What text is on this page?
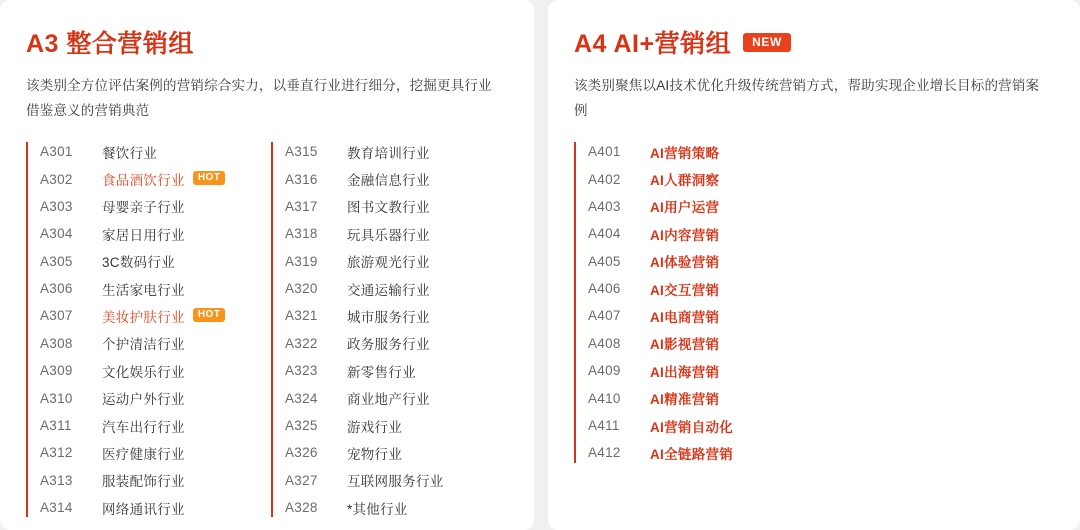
A3 整合营销组
该类别全方位评估案例的营销综合实力，以垂直行业进行细分，挖掘更具行业借鉴意义的营销典范
A301	餐饮行业
A302	食品酒饮行业	HOT
A303	母婴亲子行业
A304	家居日用行业
A305	3C数码行业
A306	生活家电行业
A307	美妆护肤行业	HOT
A308	个护清洁行业
A309	文化娱乐行业
A310	运动户外行业
A311	汽车出行行业
A312	医疗健康行业
A313	服装配饰行业
A314	网络通讯行业
A315	教育培训行业
A316	金融信息行业
A317	图书文教行业
A318	玩具乐器行业
A319	旅游观光行业
A320	交通运输行业
A321	城市服务行业
A322	政务服务行业
A323	新零售行业
A324	商业地产行业
A325	游戏行业
A326	宠物行业
A327	互联网服务行业
A328	*其他行业
A4 AI+营销组	NEW
该类别聚焦以AI技术优化升级传统营销方式，帮助实现企业增长目标的营销案例
A401	AI营销策略
A402	AI人群洞察
A403	AI用户运营
A404	AI内容营销
A405	AI体验营销
A406	AI交互营销
A407	AI电商营销
A408	AI影视营销
A409	AI出海营销
A410	AI精准营销
A411	AI营销自动化
A412	AI全链路营销
